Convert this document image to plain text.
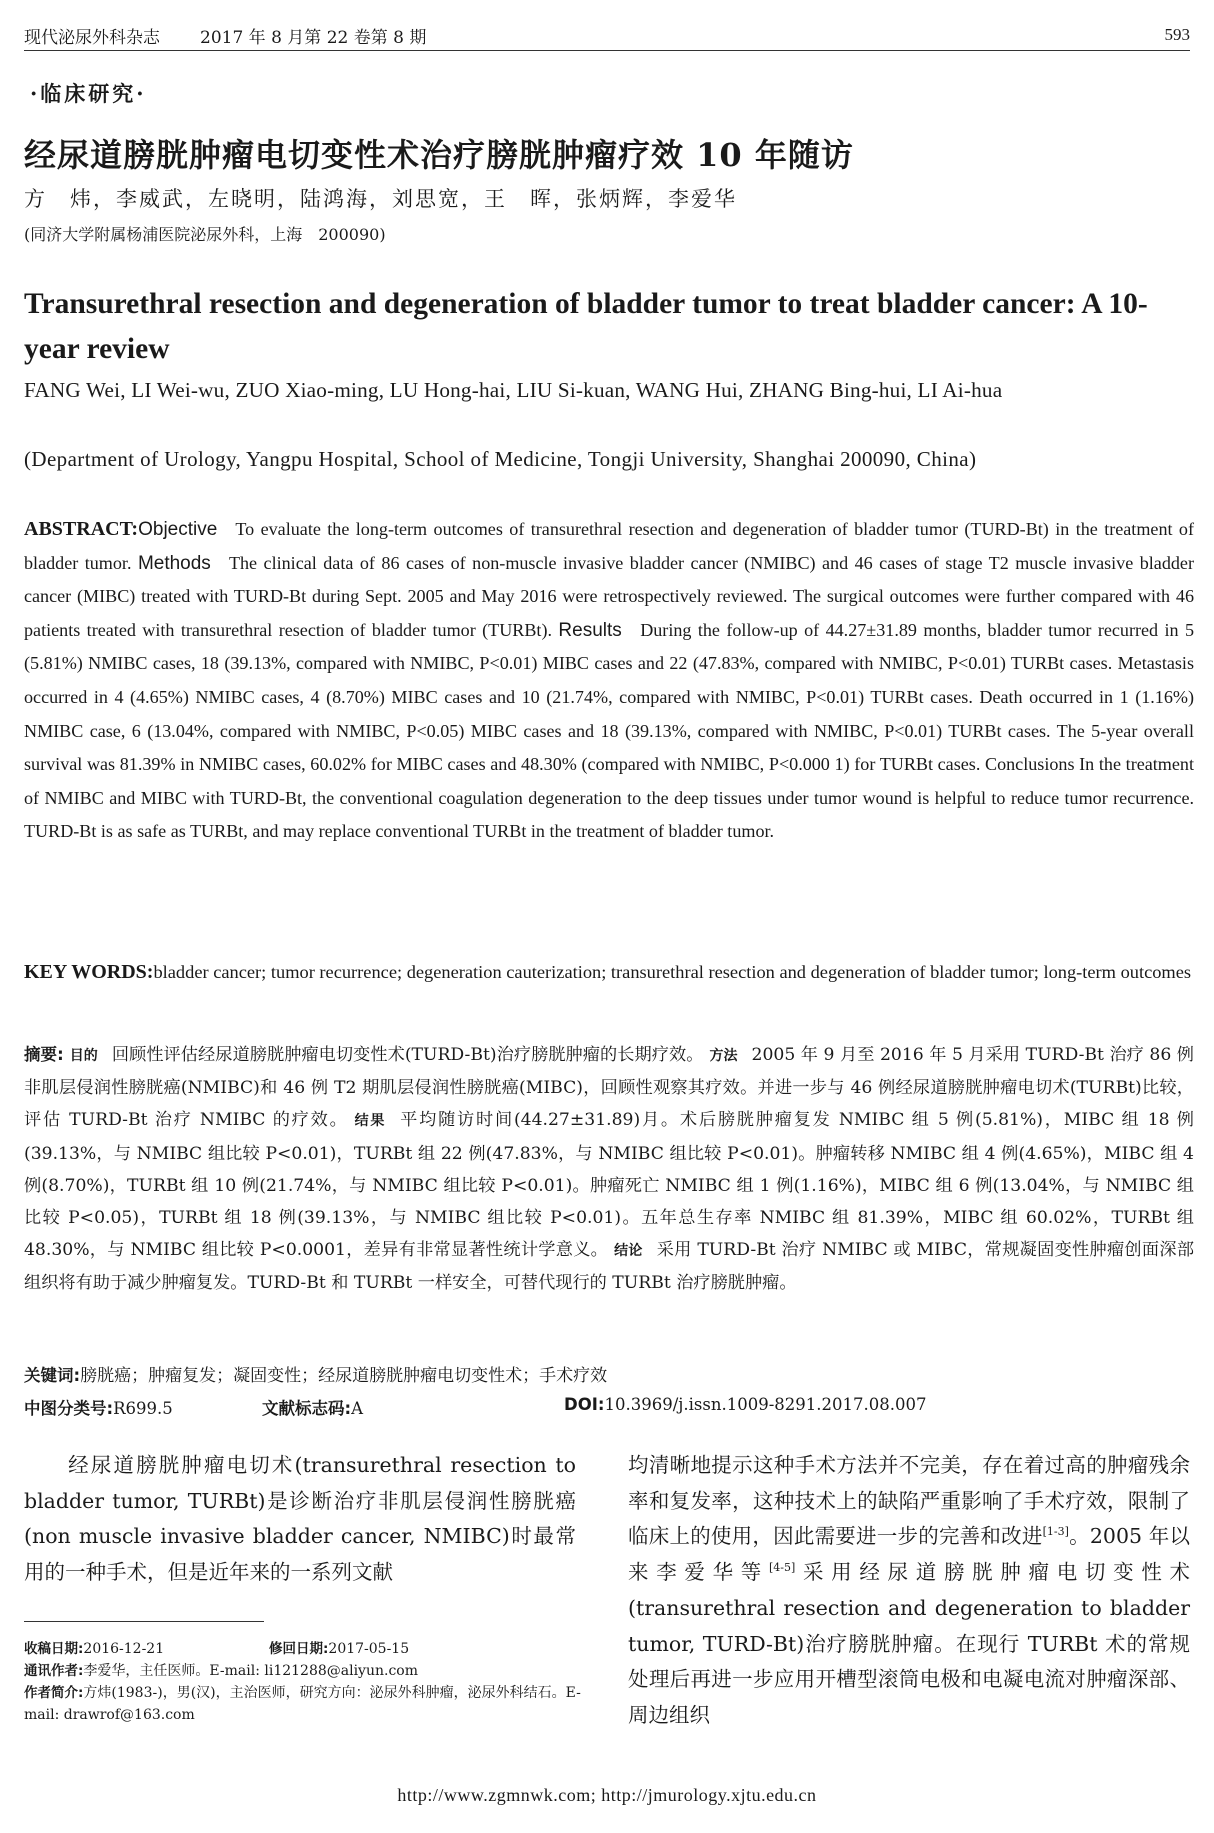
现代泌尿外科杂志 2017 年 8 月第 22 卷第 8 期	593
·临床研究·
经尿道膀胱肿瘤电切变性术治疗膀胱肿瘤疗效 10 年随访
方　炜，李威武，左晓明，陆鸿海，刘思宽，王　晖，张炳辉，李爱华
(同济大学附属杨浦医院泌尿外科，上海　200090)
Transurethral resection and degeneration of bladder tumor to treat bladder cancer: A 10-year review
FANG Wei, LI Wei-wu, ZUO Xiao-ming, LU Hong-hai, LIU Si-kuan, WANG Hui, ZHANG Bing-hui, LI Ai-hua
(Department of Urology, Yangpu Hospital, School of Medicine, Tongji University, Shanghai 200090, China)
ABSTRACT:Objective To evaluate the long-term outcomes of transurethral resection and degeneration of bladder tumor (TURD-Bt) in the treatment of bladder tumor. Methods The clinical data of 86 cases of non-muscle invasive bladder cancer (NMIBC) and 46 cases of stage T2 muscle invasive bladder cancer (MIBC) treated with TURD-Bt during Sept. 2005 and May 2016 were retrospectively reviewed. The surgical outcomes were further compared with 46 patients treated with transurethral resection of bladder tumor (TURBt). Results During the follow-up of 44.27±31.89 months, bladder tumor recurred in 5 (5.81%) NMIBC cases, 18 (39.13%, compared with NMIBC, P<0.01) MIBC cases and 22 (47.83%, compared with NMIBC, P<0.01) TURBt cases. Metastasis occurred in 4 (4.65%) NMIBC cases, 4 (8.70%) MIBC cases and 10 (21.74%, compared with NMIBC, P<0.01) TURBt cases. Death occurred in 1 (1.16%) NMIBC case, 6 (13.04%, compared with NMIBC, P<0.05) MIBC cases and 18 (39.13%, compared with NMIBC, P<0.01) TURBt cases. The 5-year overall survival was 81.39% in NMIBC cases, 60.02% for MIBC cases and 48.30% (compared with NMIBC, P<0.000 1) for TURBt cases. Conclusions In the treatment of NMIBC and MIBC with TURD-Bt, the conventional coagulation degeneration to the deep tissues under tumor wound is helpful to reduce tumor recurrence. TURD-Bt is as safe as TURBt, and may replace conventional TURBt in the treatment of bladder tumor.
KEY WORDS:bladder cancer; tumor recurrence; degeneration cauterization; transurethral resection and degeneration of bladder tumor; long-term outcomes
摘要: 目的 回顾性评估经尿道膀胱肿瘤电切变性术(TURD-Bt)治疗膀胱肿瘤的长期疗效。 方法 2005 年 9 月至 2016 年 5 月采用 TURD-Bt 治疗 86 例非肌层侵润性膀胱癌(NMIBC)和 46 例 T2 期肌层侵润性膀胱癌(MIBC)，回顾性观察其疗效。并进一步与 46 例经尿道膀胱肿瘤电切术(TURBt)比较，评估 TURD-Bt 治疗 NMIBC 的疗效。 结果 平均随访时间(44.27±31.89)月。术后膀胱肿瘤复发 NMIBC 组 5 例(5.81%)，MIBC 组 18 例(39.13%，与 NMIBC 组比较 P<0.01)，TURBt 组 22 例(47.83%，与 NMIBC 组比较 P<0.01)。肿瘤转移 NMIBC 组 4 例(4.65%)，MIBC 组 4 例(8.70%)，TURBt 组 10 例(21.74%，与 NMIBC 组比较 P<0.01)。肿瘤死亡 NMIBC 组 1 例(1.16%)，MIBC 组 6 例(13.04%，与 NMIBC 组比较 P<0.05)，TURBt 组 18 例(39.13%，与 NMIBC 组比较 P<0.01)。五年总生存率 NMIBC 组 81.39%，MIBC 组 60.02%，TURBt 组 48.30%，与 NMIBC 组比较 P<0.0001，差异有非常显著性统计学意义。 结论 采用 TURD-Bt 治疗 NMIBC 或 MIBC，常规凝固变性肿瘤创面深部组织将有助于减少肿瘤复发。TURD-Bt 和 TURBt 一样安全，可替代现行的 TURBt 治疗膀胱肿瘤。
关键词:膀胱癌；肿瘤复发；凝固变性；经尿道膀胱肿瘤电切变性术；手术疗效
中图分类号:R699.5	文献标志码:A	DOI:10.3969/j.issn.1009-8291.2017.08.007
经尿道膀胱肿瘤电切术(transurethral resection to bladder tumor, TURBt)是诊断治疗非肌层侵润性膀胱癌(non muscle invasive bladder cancer, NMIBC)时最常用的一种手术，但是近年来的一系列文献
均清晰地提示这种手术方法并不完美，存在着过高的肿瘤残余率和复发率，这种技术上的缺陷严重影响了手术疗效，限制了临床上的使用，因此需要进一步的完善和改进[1-3]。2005 年以来李爱华等[4-5]采用经尿道膀胱肿瘤电切变性术(transurethral resection and degeneration to bladder tumor, TURD-Bt)治疗膀胱肿瘤。在现行 TURBt 术的常规处理后再进一步应用开槽型滚筒电极和电凝电流对肿瘤深部、周边组织
收稿日期:2016-12-21	修回日期:2017-05-15
通讯作者:李爱华，主任医师。E-mail: li121288@aliyun.com
作者简介:方炜(1983-)，男(汉)，主治医师，研究方向：泌尿外科肿瘤，泌尿外科结石。E-mail: drawrof@163.com
http://www.zgmnwk.com; http://jmurology.xjtu.edu.cn
